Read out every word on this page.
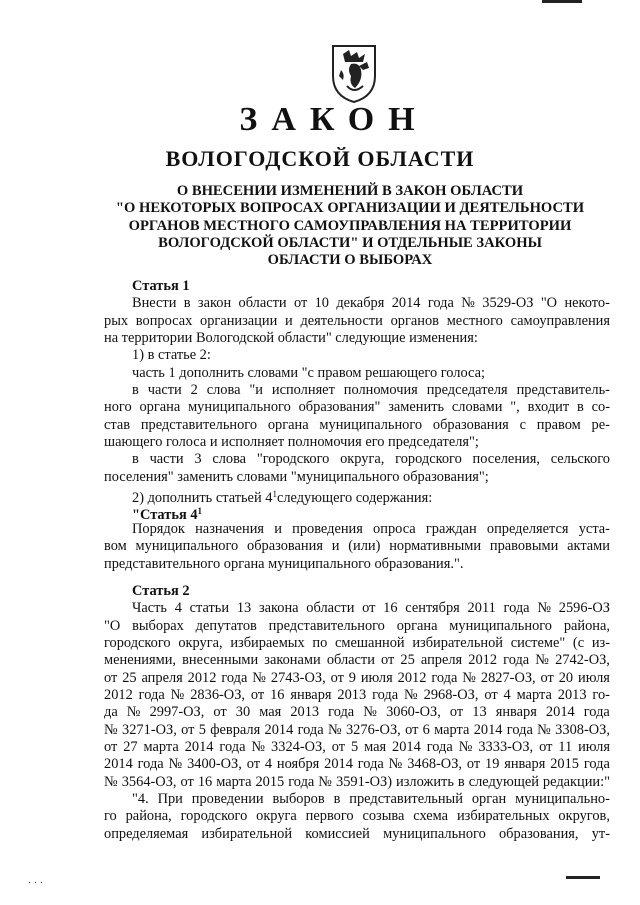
ЗАКОН
ВОЛОГОДСКОЙ ОБЛАСТИ
О ВНЕСЕНИИ ИЗМЕНЕНИЙ В ЗАКОН ОБЛАСТИ
"О НЕКОТОРЫХ ВОПРОСАХ ОРГАНИЗАЦИИ И ДЕЯТЕЛЬНОСТИ
ОРГАНОВ МЕСТНОГО САМОУПРАВЛЕНИЯ НА ТЕРРИТОРИИ
ВОЛОГОДСКОЙ ОБЛАСТИ" И ОТДЕЛЬНЫЕ ЗАКОНЫ
ОБЛАСТИ О ВЫБОРАХ
Статья 1
Внести в закон области от 10 декабря 2014 года № 3529-ОЗ "О некото-
рых вопросах организации и деятельности органов местного самоуправления
на территории Вологодской области" следующие изменения:
1) в статье 2:
часть 1 дополнить словами "с правом решающего голоса;
в части 2 слова "и исполняет полномочия председателя представитель-
ного органа муниципального образования" заменить словами ", входит в со-
став представительного органа муниципального образования с правом ре-
шающего голоса и исполняет полномочия его председателя";
в части 3 слова "городского округа, городского поселения, сельского
поселения" заменить словами "муниципального образования";
2) дополнить статьей 41следующего содержания:
"Статья 41
Порядок назначения и проведения опроса граждан определяется уста-
вом муниципального образования и (или) нормативными правовыми актами
представительного органа муниципального образования.".
Статья 2
Часть 4 статьи 13 закона области от 16 сентября 2011 года № 2596-ОЗ
"О выборах депутатов представительного органа муниципального района,
городского округа, избираемых по смешанной избирательной системе" (с из-
менениями, внесенными законами области от 25 апреля 2012 года № 2742-ОЗ,
от 25 апреля 2012 года № 2743-ОЗ, от 9 июля 2012 года № 2827-ОЗ, от 20 июля
2012 года № 2836-ОЗ, от 16 января 2013 года № 2968-ОЗ, от 4 марта 2013 го-
да № 2997-ОЗ, от 30 мая 2013 года № 3060-ОЗ, от 13 января 2014 года
№ 3271-ОЗ, от 5 февраля 2014 года № 3276-ОЗ, от 6 марта 2014 года № 3308-ОЗ,
от 27 марта 2014 года № 3324-ОЗ, от 5 мая 2014 года № 3333-ОЗ, от 11 июля
2014 года № 3400-ОЗ, от 4 ноября 2014 года № 3468-ОЗ, от 19 января 2015 года
№ 3564-ОЗ, от 16 марта 2015 года № 3591-ОЗ) изложить в следующей редакции:"
"4. При проведении выборов в представительный орган муниципально-
го района, городского округа первого созыва схема избирательных округов,
определяемая избирательной комиссией муниципального образования, ут-
· · ·
